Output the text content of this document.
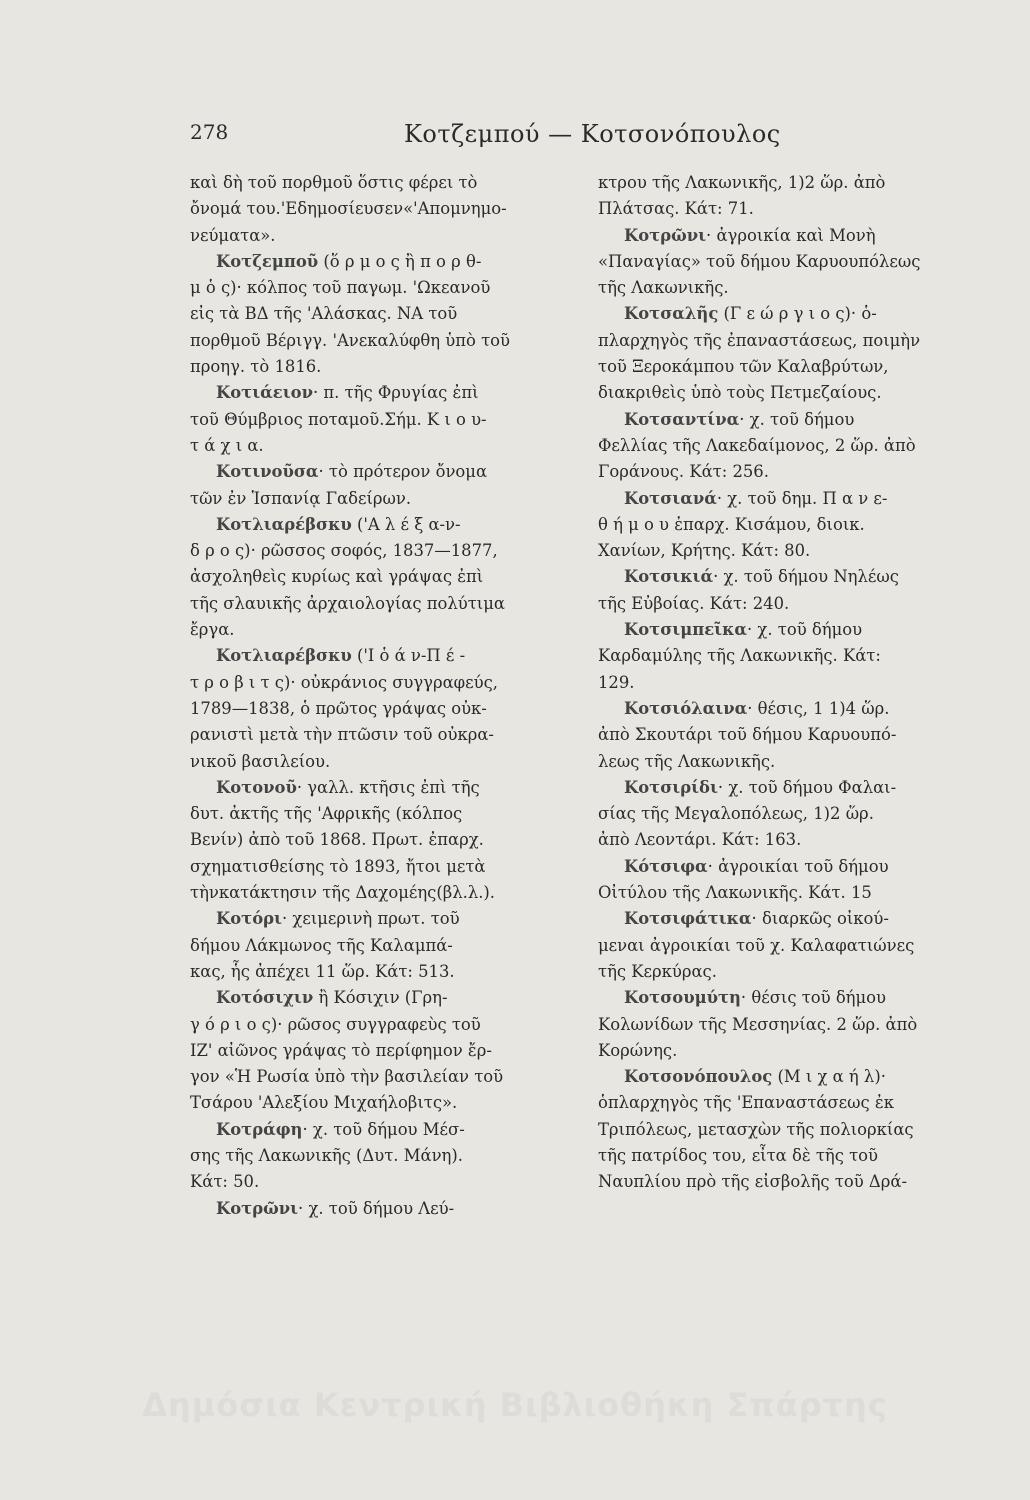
278	Κοτζεμπού — Κοτσονόπουλος
καὶ δὴ τοῦ πορθμοῦ ὅστις φέρει τὸ
ὄνομά του.'Εδημοσίευσεν«'Απομνημο-
νεύματα».
Κοτζεμποῦ (ὅ ρ μ ο ς ἢ π ο ρ θ-
μ ὁ ς)· κόλπος τοῦ παγωμ. 'Ωκεανοῦ
εἰς τὰ ΒΔ τῆς 'Αλάσκας. ΝΑ τοῦ
πορθμοῦ Βέριγγ. 'Ανεκαλύφθη ὑπὸ τοῦ
προηγ. τὸ 1816.
Κοτιάειον· π. τῆς Φρυγίας ἐπὶ
τοῦ Θύμβριος ποταμοῦ.Σήμ. Κ ι ο υ-
τ ά χ ι α.
Κοτινοῦσα· τὸ πρότερον ὄνομα
τῶν ἐν Ἱσπανίᾳ Γαδείρων.
Κοτλιαρέβσκυ ('Α λ έ ξ α-ν-
δ ρ ο ς)· ρῶσσος σοφός, 1837—1877,
ἀσχοληθεὶς κυρίως καὶ γράψας ἐπὶ
τῆς σλαυικῆς ἀρχαιολογίας πολύτιμα
ἔργα.
Κοτλιαρέβσκυ ('Ι ὁ ά ν-Π έ -
τ ρ ο β ι τ ς)· οὐκράνιος συγγραφεύς,
1789—1838, ὁ πρῶτος γράψας οὐκ-
ρανιστὶ μετὰ τὴν πτῶσιν τοῦ οὐκρα-
νικοῦ βασιλείου.
Κοτονοῦ· γαλλ. κτῆσις ἐπὶ τῆς
δυτ. ἀκτῆς τῆς 'Αφρικῆς (κόλπος
Βενίν) ἀπὸ τοῦ 1868. Πρωτ. ἐπαρχ.
σχηματισθείσης τὸ 1893, ἤτοι μετὰ
τὴνκατάκτησιν τῆς Δαχομέης(βλ.λ.).
Κοτόρι· χειμερινὴ πρωτ. τοῦ
δήμου Λάκμωνος τῆς Καλαμπά-
κας, ἧς ἀπέχει 11 ὥρ. Κάτ: 513.
Κοτόσιχιν ἢ Κόσιχιν (Γρη-
γ ό ρ ι ο ς)· ρῶσος συγγραφεὺς τοῦ
ΙΖ' αἰῶνος γράψας τὸ περίφημον ἔρ-
γον «Ἡ Ρωσία ὑπὸ τὴν βασιλείαν τοῦ
Τσάρου 'Αλεξίου Μιχαήλοβιτς».
Κοτράφη· χ. τοῦ δήμου Μέσ-
σης τῆς Λακωνικῆς (Δυτ. Μάνη).
Κάτ: 50.
Κοτρῶνι· χ. τοῦ δήμου Λεύ-
κτρου τῆς Λακωνικῆς, 1)2 ὥρ. ἀπὸ
Πλάτσας. Κάτ: 71.
Κοτρῶνι· ἀγροικία καὶ Μονὴ
«Παναγίας» τοῦ δήμου Καρυουπόλεως
τῆς Λακωνικῆς.
Κοτσαλῆς (Γ ε ώ ρ γ ι ο ς)· ὁ-
πλαρχηγὸς τῆς ἐπαναστάσεως, ποιμὴν
τοῦ Ξεροκάμπου τῶν Καλαβρύτων,
διακριθεὶς ὑπὸ τοὺς Πετμεζαίους.
Κοτσαντίνα· χ. τοῦ δήμου
Φελλίας τῆς Λακεδαίμονος, 2 ὥρ. ἀπὸ
Γοράνους. Κάτ: 256.
Κοτσιανά· χ. τοῦ δημ. Π α ν ε-
θ ή μ ο υ ἐπαρχ. Κισάμου, διοικ.
Χανίων, Κρήτης. Κάτ: 80.
Κοτσικιά· χ. τοῦ δήμου Νηλέως
τῆς Εὐβοίας. Κάτ: 240.
Κοτσιμπεῖκα· χ. τοῦ δήμου
Καρδαμύλης τῆς Λακωνικῆς. Κάτ:
129.
Κοτσιόλαινα· θέσις, 1 1)4 ὥρ.
ἀπὸ Σκουτάρι τοῦ δήμου Καρυουπό-
λεως τῆς Λακωνικῆς.
Κοτσιρίδι· χ. τοῦ δήμου Φαλαι-
σίας τῆς Μεγαλοπόλεως, 1)2 ὥρ.
ἀπὸ Λεοντάρι. Κάτ: 163.
Κότσιφα· ἀγροικίαι τοῦ δήμου
Οἰτύλου τῆς Λακωνικῆς. Κάτ. 15
Κοτσιφάτικα· διαρκῶς οἰκού-
μεναι ἀγροικίαι τοῦ χ. Καλαφατιώνες
τῆς Κερκύρας.
Κοτσουμύτη· θέσις τοῦ δήμου
Κολωνίδων τῆς Μεσσηνίας. 2 ὥρ. ἀπὸ
Κορώνης.
Κοτσονόπουλος (Μ ι χ α ή λ)·
ὁπλαρχηγὸς τῆς 'Επαναστάσεως ἐκ
Τριπόλεως, μετασχὼν τῆς πολιορκίας
τῆς πατρίδος του, εἶτα δὲ τῆς τοῦ
Ναυπλίου πρὸ τῆς εἰσβολῆς τοῦ Δρά-
Δημόσια Κεντρική Βιβλιοθήκη Σπάρτης
